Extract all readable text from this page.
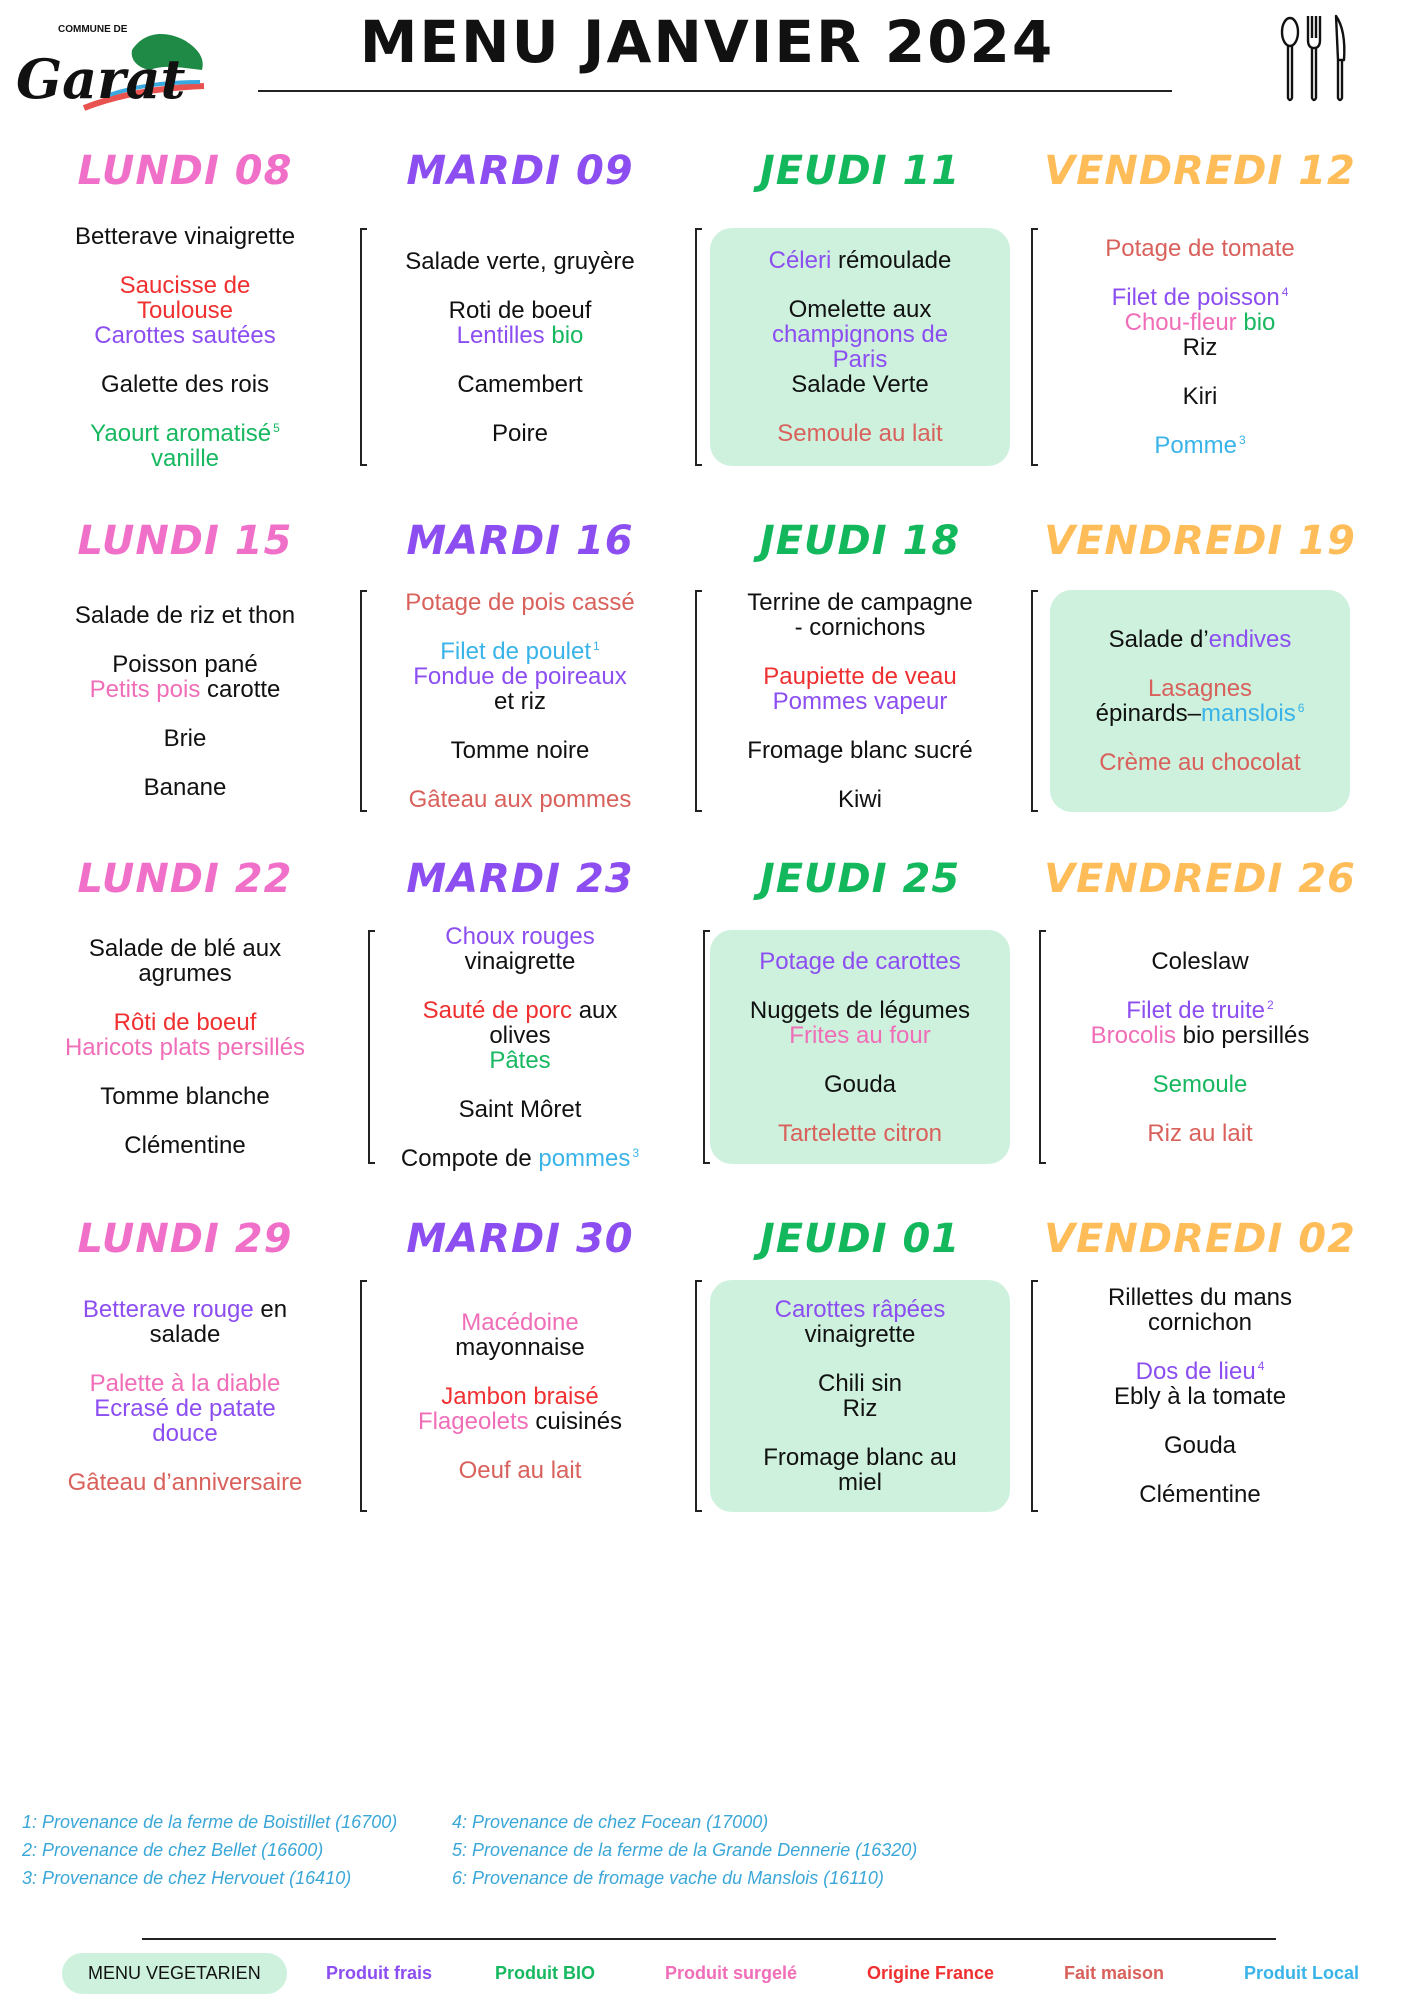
COMMUNE DE
Garat
MENU JANVIER 2024
LUNDI 08
Betterave vinaigrette
Saucisse de
Toulouse
Carottes sautées
Galette des rois
Yaourt aromatisé $^5$
vanille
MARDI 09
Salade verte, gruyère
Roti de boeuf
Lentilles bio
Camembert
Poire
JEUDI 11
Céleri rémoulade
Omelette aux
champignons de
Paris
Salade Verte
Semoule au lait
VENDREDI 12
Potage de tomate
Filet de poisson $^4$
Chou-fleur bio
Riz
Kiri
Pomme $^3$
LUNDI 15
Salade de riz et thon
Poisson pané
Petits pois carotte
Brie
Banane
MARDI 16
Potage de pois cassé
Filet de poulet $^1$
Fondue de poireaux
et riz
Tomme noire
Gâteau aux pommes
JEUDI 18
Terrine de campagne
- cornichons
Paupiette de veau
Pommes vapeur
Fromage blanc sucré
Kiwi
VENDREDI 19
Salade d’endives
Lasagnes
épinards–manslois $^6$
Crème au chocolat
LUNDI 22
Salade de blé aux
agrumes
Rôti de boeuf
Haricots plats persillés
Tomme blanche
Clémentine
MARDI 23
Choux rouges
vinaigrette
Sauté de porc aux
olives
Pâtes
Saint Môret
Compote de pommes $^3$
JEUDI 25
Potage de carottes
Nuggets de légumes
Frites au four
Gouda
Tartelette citron
VENDREDI 26
Coleslaw
Filet de truite $^2$
Brocolis bio persillés
Semoule
Riz au lait
LUNDI 29
Betterave rouge en
salade
Palette à la diable
Ecrasé de patate
douce
Gâteau d’anniversaire
MARDI 30
Macédoine
mayonnaise
Jambon braisé
Flageolets cuisinés
Oeuf au lait
JEUDI 01
Carottes râpées
vinaigrette
Chili sin
Riz
Fromage blanc au
miel
VENDREDI 02
Rillettes du mans
cornichon
Dos de lieu $^4$
Ebly à la tomate
Gouda
Clémentine
1: Provenance de la ferme de Boistillet (16700)
2: Provenance de chez Bellet (16600)
3: Provenance de chez Hervouet (16410)
4: Provenance de chez Focean (17000)
5: Provenance de la ferme de la Grande Dennerie (16320)
6: Provenance de fromage vache du Manslois (16110)
MENU VEGETARIEN	Produit frais	Produit BIO	Produit surgelé	Origine France	Fait maison	Produit Local
